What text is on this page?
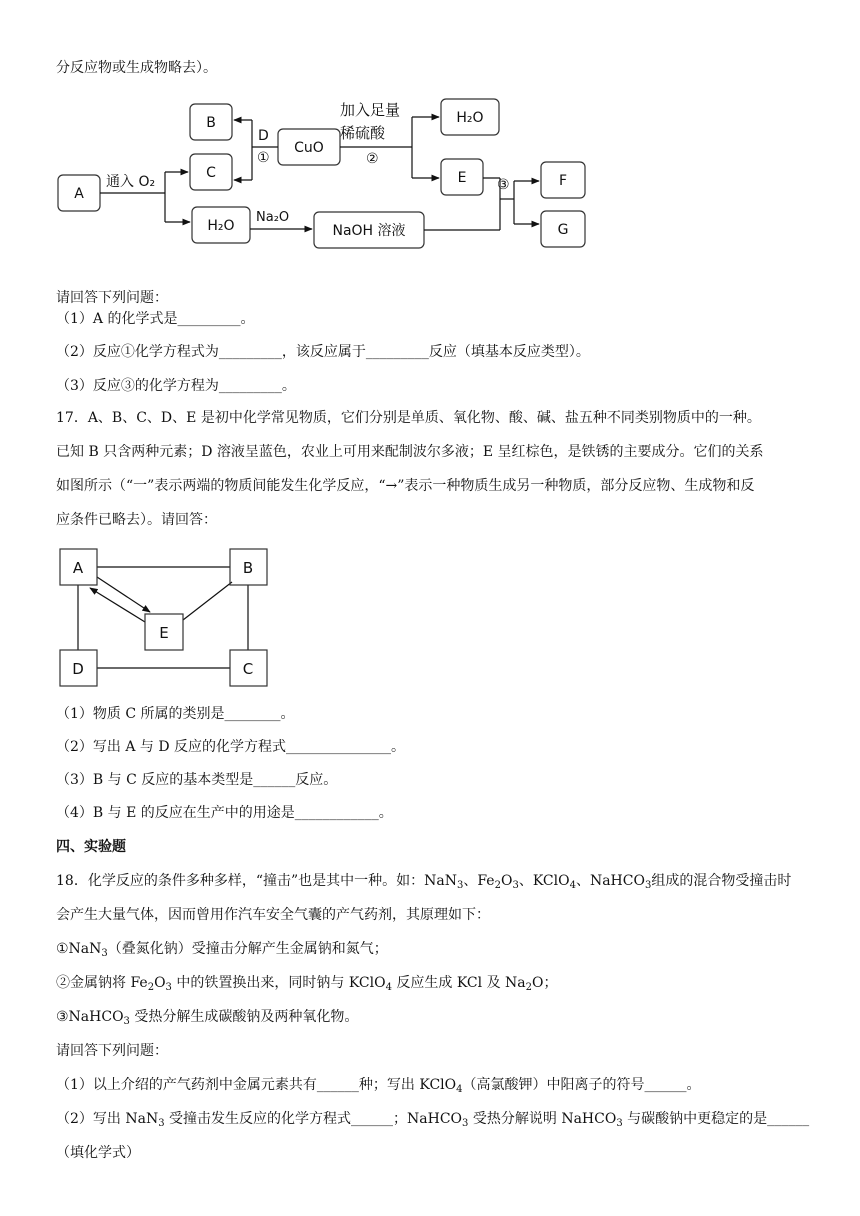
分反应物或生成物略去）。
A
B
C
D
①
CuO
加入足量
稀硫酸
②
H₂O
E ③	F
G
通入 O₂
H₂O
Na₂O
NaOH 溶液
请回答下列问题：
（1）A 的化学式是_________。
（2）反应①化学方程式为_________，该反应属于_________反应（填基本反应类型）。
（3）反应③的化学方程为_________。
17．A、B、C、D、E 是初中化学常见物质，它们分别是单质、氧化物、酸、碱、盐五种不同类别物质中的一种。
已知 B 只含两种元素；D 溶液呈蓝色，农业上可用来配制波尔多液；E 呈红棕色，是铁锈的主要成分。它们的关系
如图所示（“一”表示两端的物质间能发生化学反应，“→”表示一种物质生成另一种物质，部分反应物、生成物和反
应条件已略去）。请回答：
A	B
E
D	C
（1）物质 C 所属的类别是________。
（2）写出 A 与 D 反应的化学方程式_______________。
（3）B 与 C 反应的基本类型是______反应。
（4）B 与 E 的反应在生产中的用途是____________。
四、实验题
18．化学反应的条件多种多样，“撞击”也是其中一种。如：NaN$_3$、$Fe_2O_3$、KClO$_4$、NaHCO$_3$组成的混合物受撞击时
会产生大量气体，因而曾用作汽车安全气囊的产气药剂，其原理如下：
①NaN$_3$（叠氮化钠）受撞击分解产生金属钠和氮气；
②金属钠将 $Fe_2O_3$ 中的铁置换出来，同时钠与 KClO$_4$ 反应生成 KCl 及 $Na_2O$；
③NaHCO$_3$ 受热分解生成碳酸钠及两种氧化物。
请回答下列问题：
（1）以上介绍的产气药剂中金属元素共有______种；写出 KClO$_4$（高氯酸钾）中阳离子的符号______。
（2）写出 NaN$_3$ 受撞击发生反应的化学方程式______；NaHCO$_3$ 受热分解说明 NaHCO$_3$ 与碳酸钠中更稳定的是______
（填化学式）
